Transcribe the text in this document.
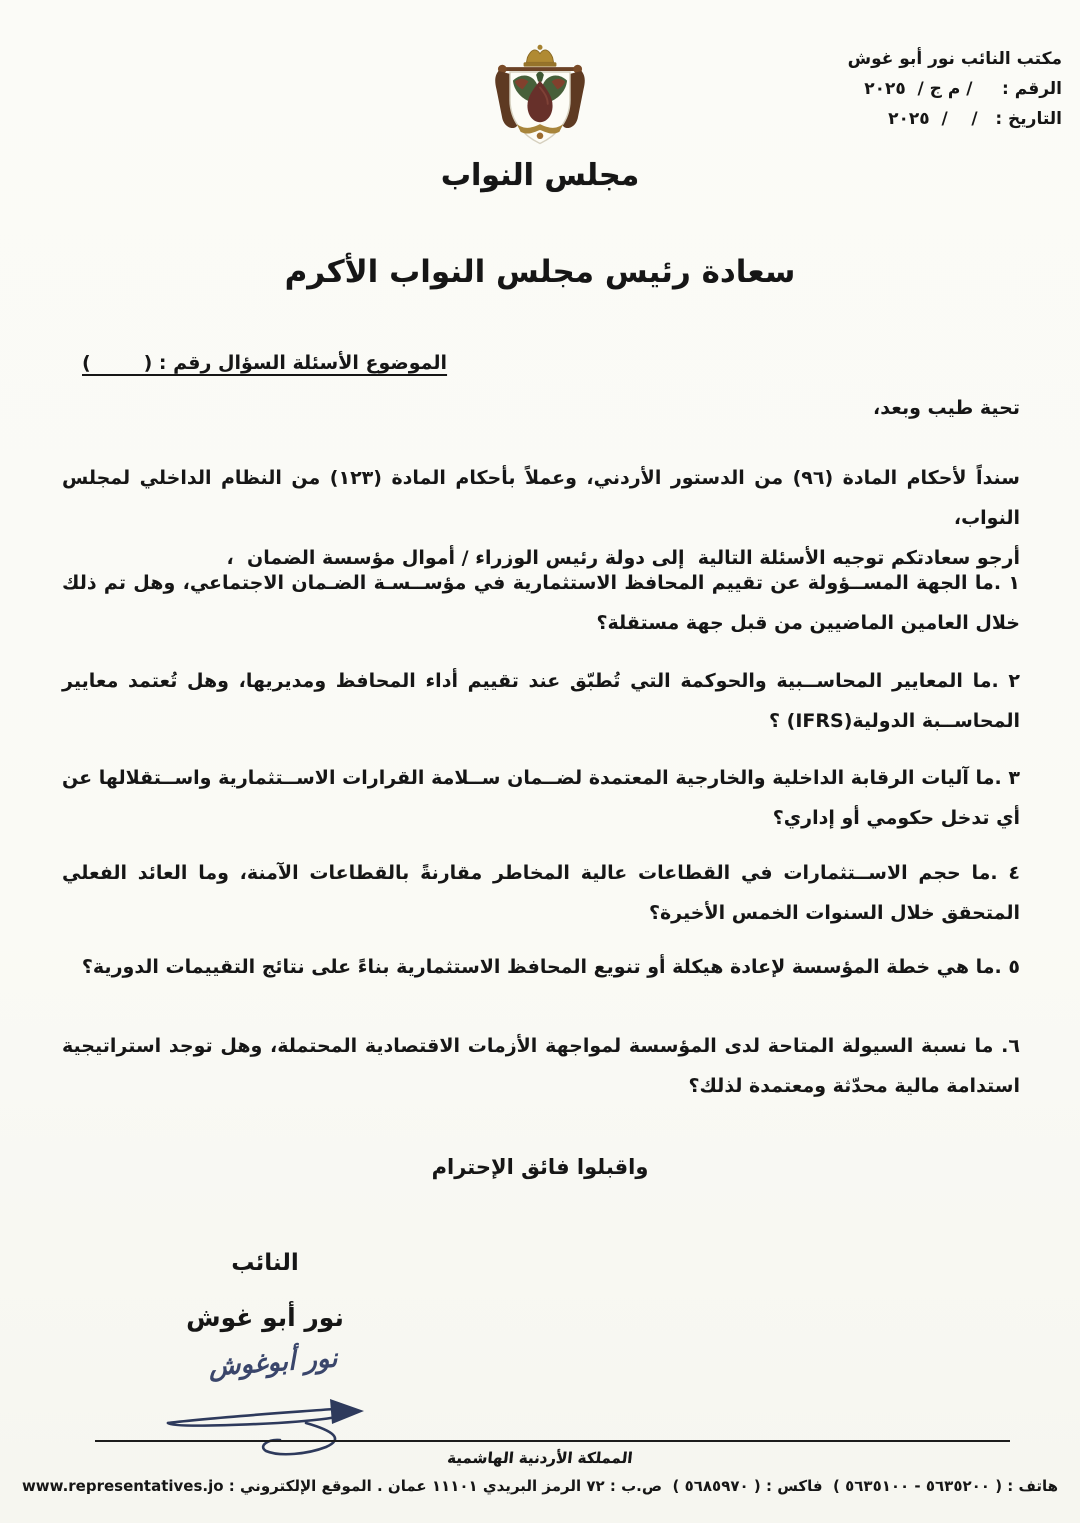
مكتب النائب نور أبو غوش
الرقم :     / م ج /  ٢٠٢٥
التاريخ :   /    /  ٢٠٢٥
مجلس النواب
سعادة رئيس مجلس النواب الأكرم
الموضوع الأسئلة السؤال رقم : (        )
تحية طيب وبعد،
سنداً لأحكام المادة (٩٦) من الدستور الأردني، وعملاً بأحكام المادة (١٢٣) من النظام الداخلي لمجلس النواب،
أرجو سعادتكم توجيه الأسئلة التالية  إلى دولة رئيس الوزراء / أموال مؤسسة الضمان  ،
١ .ما الجهة المســؤولة عن تقييم المحافظ الاستثمارية في مؤســسـة الضـمان الاجتماعي، وهل تم ذلك خلال العامين الماضيين من قبل جهة مستقلة؟
٢ .ما المعايير المحاســبية والحوكمة التي تُطبّق عند تقييم أداء المحافظ ومديريها، وهل تُعتمد معايير المحاســبة الدولية(IFRS) ؟
٣ .ما آليات الرقابة الداخلية والخارجية المعتمدة لضــمان ســلامة القرارات الاســتثمارية واســتقلالها عن أي تدخل حكومي أو إداري؟
٤ .ما حجم الاســتثمارات في القطاعات عالية المخاطر مقارنةً بالقطاعات الآمنة، وما العائد الفعلي المتحقق خلال السنوات الخمس الأخيرة؟
٥ .ما هي خطة المؤسسة لإعادة هيكلة أو تنويع المحافظ الاستثمارية بناءً على نتائج التقييمات الدورية؟
٦. ما نسبة السيولة المتاحة لدى المؤسسة لمواجهة الأزمات الاقتصادية المحتملة، وهل توجد استراتيجية استدامة مالية محدّثة ومعتمدة لذلك؟
واقبلوا فائق الإحترام
النائب
نور أبو غوش
نور أبوغوش
المملكة الأردنية الهاشمية
هاتف : ( ٥٦٣٥٢٠٠ - ٥٦٣٥١٠٠ )  فاكس : ( ٥٦٨٥٩٧٠ )  ص.ب : ٧٢ الرمز البريدي ١١١٠١ عمان . الموقع الإلكتروني : www.representatives.jo
